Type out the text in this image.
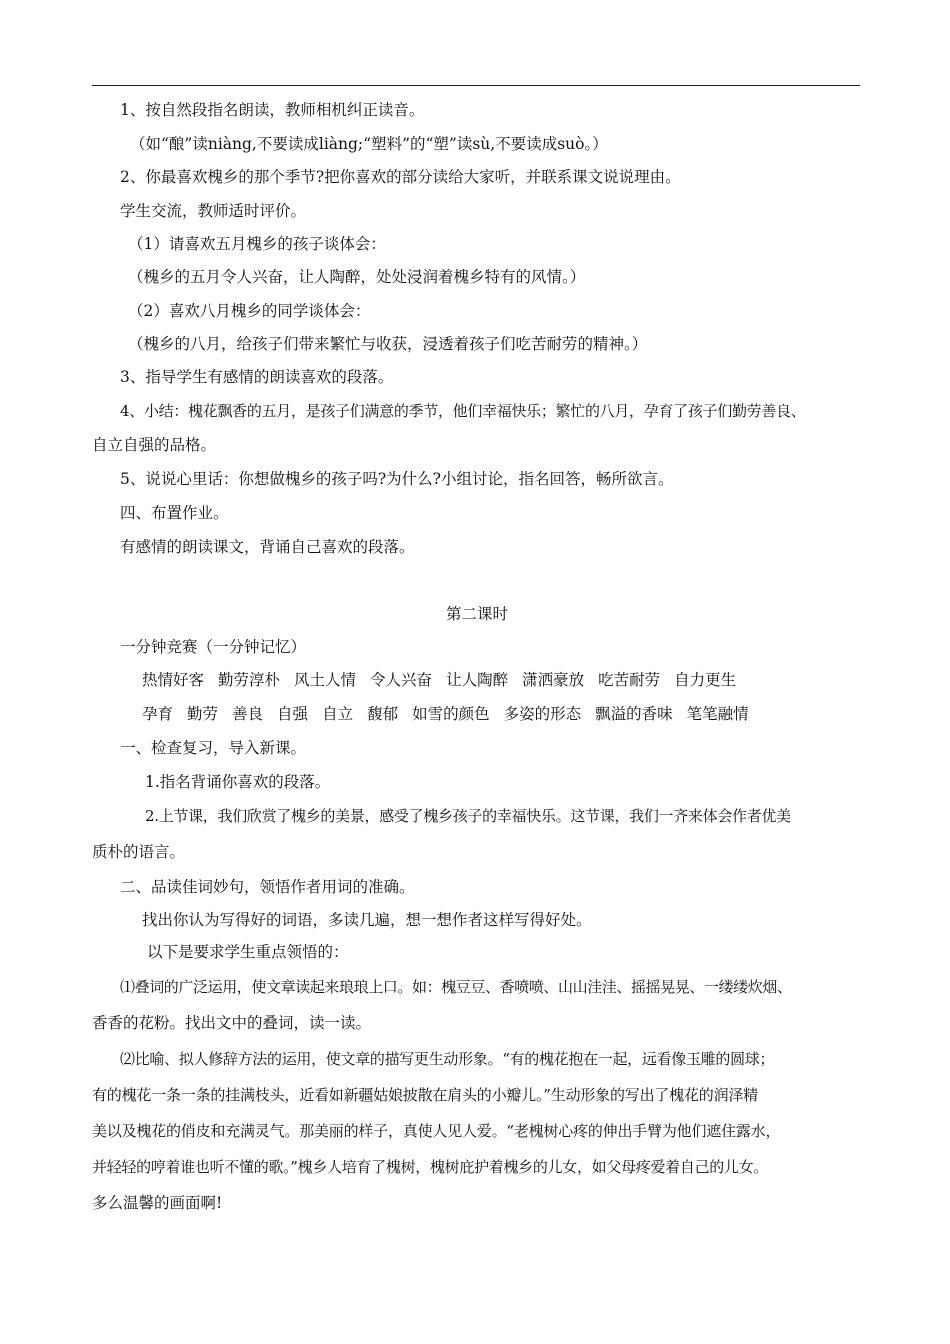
1、按自然段指名朗读，教师相机纠正读音。
（如“酿”读niàng,不要读成liàng;“塑料”的“塑”读sù,不要读成suò。）
2、你最喜欢槐乡的那个季节?把你喜欢的部分读给大家听，并联系课文说说理由。
学生交流，教师适时评价。
（1）请喜欢五月槐乡的孩子谈体会：
（槐乡的五月令人兴奋，让人陶醉，处处浸润着槐乡特有的风情。）
（2）喜欢八月槐乡的同学谈体会：
（槐乡的八月，给孩子们带来繁忙与收获，浸透着孩子们吃苦耐劳的精神。）
3、指导学生有感情的朗读喜欢的段落。
4、小结：槐花飘香的五月，是孩子们满意的季节，他们幸福快乐；繁忙的八月，孕育了孩子们勤劳善良、
自立自强的品格。
5、说说心里话：你想做槐乡的孩子吗?为什么?小组讨论，指名回答，畅所欲言。
四、布置作业。
有感情的朗读课文，背诵自己喜欢的段落。
第二课时
一分钟竞赛（一分钟记忆）
热情好客 勤劳淳朴 风土人情 令人兴奋 让人陶醉 潇洒豪放 吃苦耐劳 自力更生
孕育 勤劳 善良 自强 自立 馥郁 如雪的颜色 多姿的形态 飘溢的香味 笔笔融情
一、检查复习，导入新课。
1.指名背诵你喜欢的段落。
2.上节课，我们欣赏了槐乡的美景，感受了槐乡孩子的幸福快乐。这节课，我们一齐来体会作者优美
质朴的语言。
二、品读佳词妙句，领悟作者用词的准确。
找出你认为写得好的词语，多读几遍，想一想作者这样写得好处。
以下是要求学生重点领悟的：
⑴叠词的广泛运用，使文章读起来琅琅上口。如：槐豆豆、香喷喷、山山洼洼、摇摇晃晃、一缕缕炊烟、
香香的花粉。找出文中的叠词，读一读。
⑵比喻、拟人修辞方法的运用，使文章的描写更生动形象。“有的槐花抱在一起，远看像玉雕的圆球；
有的槐花一条一条的挂满枝头，近看如新疆姑娘披散在肩头的小瓣儿。”生动形象的写出了槐花的润泽精
美以及槐花的俏皮和充满灵气。那美丽的样子，真使人见人爱。“老槐树心疼的伸出手臂为他们遮住露水，
并轻轻的哼着谁也听不懂的歌。”槐乡人培育了槐树，槐树庇护着槐乡的儿女，如父母疼爱着自己的儿女。
多么温馨的画面啊!
